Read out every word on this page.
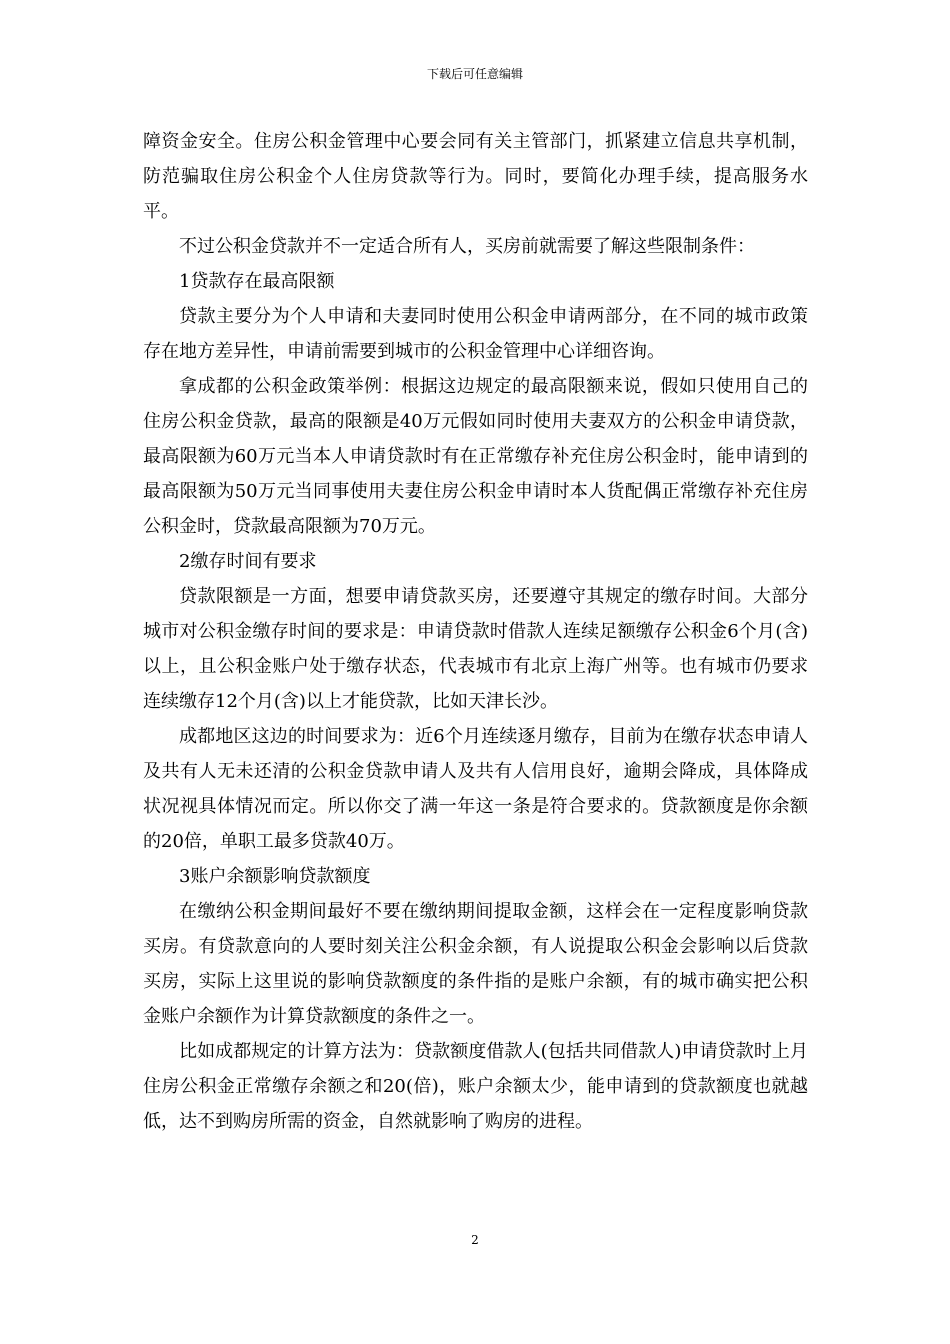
下载后可任意编辑

障资金安全。住房公积金管理中心要会同有关主管部门，抓紧建立信息共享机制，防范骗取住房公积金个人住房贷款等行为。同时，要简化办理手续，提高服务水平。

不过公积金贷款并不一定适合所有人，买房前就需要了解这些限制条件：

1贷款存在最高限额

贷款主要分为个人申请和夫妻同时使用公积金申请两部分，在不同的城市政策存在地方差异性，申请前需要到城市的公积金管理中心详细咨询。

拿成都的公积金政策举例：根据这边规定的最高限额来说，假如只使用自己的住房公积金贷款，最高的限额是40万元假如同时使用夫妻双方的公积金申请贷款，最高限额为60万元当本人申请贷款时有在正常缴存补充住房公积金时，能申请到的最高限额为50万元当同事使用夫妻住房公积金申请时本人货配偶正常缴存补充住房公积金时，贷款最高限额为70万元。

2缴存时间有要求

贷款限额是一方面，想要申请贷款买房，还要遵守其规定的缴存时间。大部分城市对公积金缴存时间的要求是：申请贷款时借款人连续足额缴存公积金6个月(含)以上，且公积金账户处于缴存状态，代表城市有北京上海广州等。也有城市仍要求连续缴存12个月(含)以上才能贷款，比如天津长沙。

成都地区这边的时间要求为：近6个月连续逐月缴存，目前为在缴存状态申请人及共有人无未还清的公积金贷款申请人及共有人信用良好，逾期会降成，具体降成状况视具体情况而定。所以你交了满一年这一条是符合要求的。贷款额度是你余额的20倍，单职工最多贷款40万。

3账户余额影响贷款额度

在缴纳公积金期间最好不要在缴纳期间提取金额，这样会在一定程度影响贷款买房。有贷款意向的人要时刻关注公积金余额，有人说提取公积金会影响以后贷款买房，实际上这里说的影响贷款额度的条件指的是账户余额，有的城市确实把公积金账户余额作为计算贷款额度的条件之一。

比如成都规定的计算方法为：贷款额度借款人(包括共同借款人)申请贷款时上月住房公积金正常缴存余额之和20(倍)，账户余额太少，能申请到的贷款额度也就越低，达不到购房所需的资金，自然就影响了购房的进程。

2
